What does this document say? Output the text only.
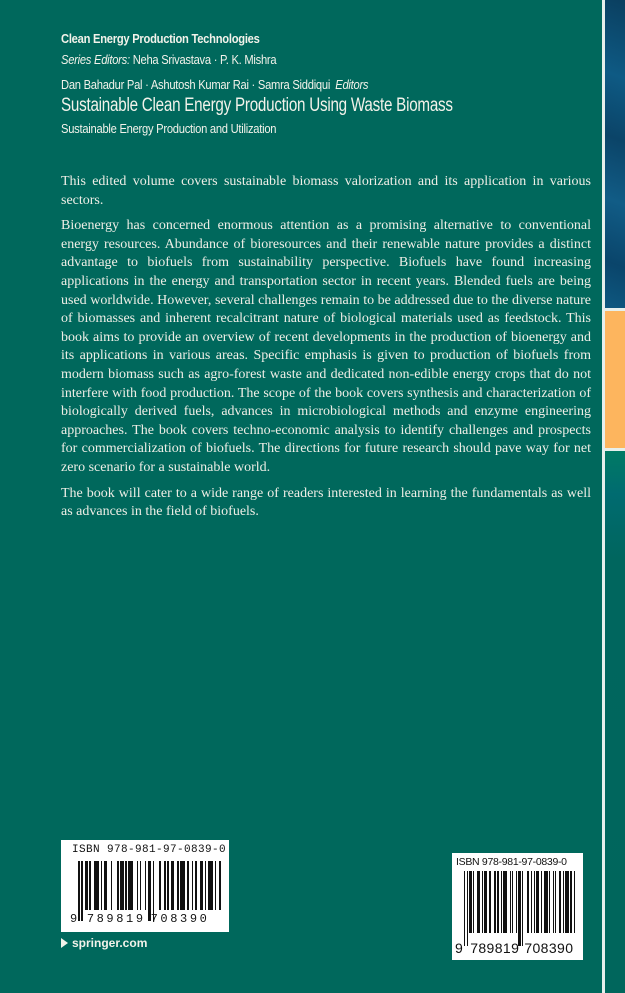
Clean Energy Production Technologies
Series Editors: Neha Srivastava · P. K. Mishra
Dan Bahadur Pal · Ashutosh Kumar Rai · Samra Siddiqui Editors
Sustainable Clean Energy Production Using Waste Biomass
Sustainable Energy Production and Utilization

This edited volume covers sustainable biomass valorization and its application in various sectors.

Bioenergy has concerned enormous attention as a promising alternative to conventional energy resources. Abundance of bioresources and their renewable nature provides a distinct advantage to biofuels from sustainability perspective. Biofuels have found increasing applications in the energy and transportation sector in recent years. Blended fuels are being used worldwide. However, several challenges remain to be addressed due to the diverse nature of biomasses and inherent recalcitrant nature of biological materials used as feedstock. This book aims to provide an overview of recent developments in the production of bioenergy and its applications in various areas. Specific emphasis is given to production of biofuels from modern biomass such as agro-forest waste and dedicated non-edible energy crops that do not interfere with food production. The scope of the book covers synthesis and characterization of biologically derived fuels, advances in microbiological methods and enzyme engineering approaches. The book covers techno-economic analysis to identify challenges and prospects for commercialization of biofuels. The directions for future research should pave way for net zero scenario for a sustainable world.

The book will cater to a wide range of readers interested in learning the fundamentals as well as advances in the field of biofuels.

ISBN 978-981-97-0839-0
9 789819 708390
springer.com
ISBN 978-981-97-0839-0
9 789819 708390
